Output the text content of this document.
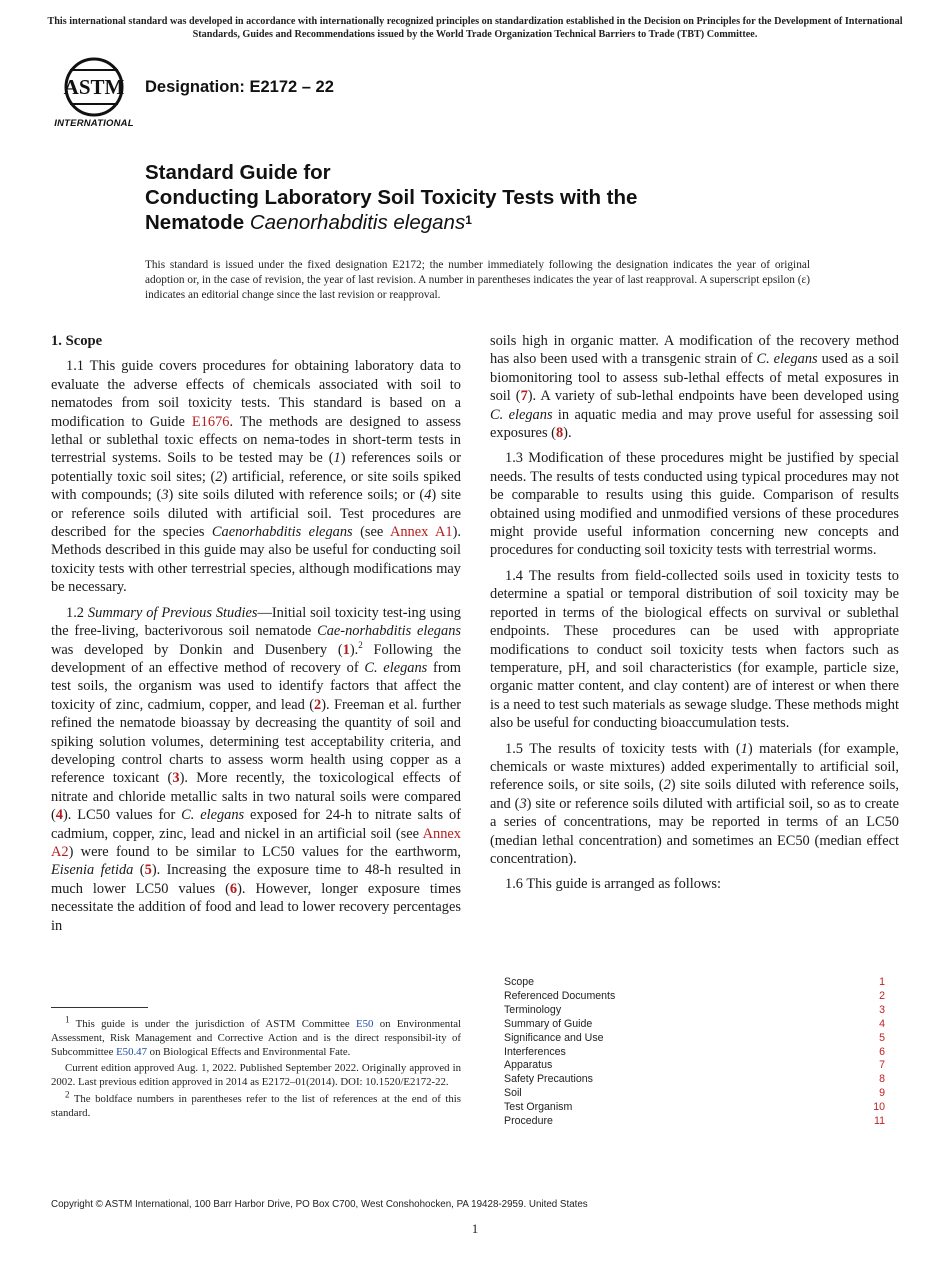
This international standard was developed in accordance with internationally recognized principles on standardization established in the Decision on Principles for the Development of International Standards, Guides and Recommendations issued by the World Trade Organization Technical Barriers to Trade (TBT) Committee.
ASTM
INTERNATIONAL
Designation: E2172 – 22
Standard Guide for
Conducting Laboratory Soil Toxicity Tests with the
Nematode Caenorhabditis elegans$^1$
This standard is issued under the fixed designation E2172; the number immediately following the designation indicates the year of original adoption or, in the case of revision, the year of last revision. A number in parentheses indicates the year of last reapproval. A superscript epsilon (ε) indicates an editorial change since the last revision or reapproval.

1. Scope

1.1 This guide covers procedures for obtaining laboratory data to evaluate the adverse effects of chemicals associated with soil to nematodes from soil toxicity tests. This standard is based on a modification to Guide E1676. The methods are designed to assess lethal or sublethal toxic effects on nema-todes in short-term tests in terrestrial systems. Soils to be tested may be (1) references soils or potentially toxic soil sites; (2) artificial, reference, or site soils spiked with compounds; (3) site soils diluted with reference soils; or (4) site or reference soils diluted with artificial soil. Test procedures are described for the species Caenorhabditis elegans (see Annex A1). Methods described in this guide may also be useful for conducting soil toxicity tests with other terrestrial species, although modifications may be necessary.

1.2 Summary of Previous Studies—Initial soil toxicity test-ing using the free-living, bacterivorous soil nematode Cae-norhabditis elegans was developed by Donkin and Dusenbery (1).$^2$ Following the development of an effective method of recovery of C. elegans from test soils, the organism was used to identify factors that affect the toxicity of zinc, cadmium, copper, and lead (2). Freeman et al. further refined the nematode bioassay by decreasing the quantity of soil and spiking solution volumes, determining test acceptability criteria, and developing control charts to assess worm health using copper as a reference toxicant (3). More recently, the toxicological effects of nitrate and chloride metallic salts in two natural soils were compared (4). LC50 values for C. elegans exposed for 24-h to nitrate salts of cadmium, copper, zinc, lead and nickel in an artificial soil (see Annex A2) were found to be similar to LC50 values for the earthworm, Eisenia fetida (5). Increasing the exposure time to 48-h resulted in much lower LC50 values (6). However, longer exposure times necessitate the addition of food and lead to lower recovery percentages in

$^1$ This guide is under the jurisdiction of ASTM Committee E50 on Environmental Assessment, Risk Management and Corrective Action and is the direct responsibil-ity of Subcommittee E50.47 on Biological Effects and Environmental Fate.

Current edition approved Aug. 1, 2022. Published September 2022. Originally approved in 2002. Last previous edition approved in 2014 as E2172–01(2014). DOI: 10.1520/E2172-22.

$^2$ The boldface numbers in parentheses refer to the list of references at the end of this standard.

soils high in organic matter. A modification of the recovery method has also been used with a transgenic strain of C. elegans used as a soil biomonitoring tool to assess sub-lethal effects of metal exposures in soil (7). A variety of sub-lethal endpoints have been developed using C. elegans in aquatic media and may prove useful for assessing soil exposures (8).

1.3 Modification of these procedures might be justified by special needs. The results of tests conducted using typical procedures may not be comparable to results using this guide. Comparison of results obtained using modified and unmodified versions of these procedures might provide useful information concerning new concepts and procedures for conducting soil toxicity tests with terrestrial worms.

1.4 The results from field-collected soils used in toxicity tests to determine a spatial or temporal distribution of soil toxicity may be reported in terms of the biological effects on survival or sublethal endpoints. These procedures can be used with appropriate modifications to conduct soil toxicity tests when factors such as temperature, pH, and soil characteristics (for example, particle size, organic matter content, and clay content) are of interest or when there is a need to test such materials as sewage sludge. These methods might also be useful for conducting bioaccumulation tests.

1.5 The results of toxicity tests with (1) materials (for example, chemicals or waste mixtures) added experimentally to artificial soil, reference soils, or site soils, (2) site soils diluted with reference soils, and (3) site or reference soils diluted with artificial soil, so as to create a series of concentrations, may be reported in terms of an LC50 (median lethal concentration) and sometimes an EC50 (median effect concentration).

1.6 This guide is arranged as follows:

Scope	1
Referenced Documents	2
Terminology	3
Summary of Guide	4
Significance and Use	5
Interferences	6
Apparatus	7
Safety Precautions	8
Soil	9
Test Organism	10
Procedure	11
Copyright © ASTM International, 100 Barr Harbor Drive, PO Box C700, West Conshohocken, PA 19428-2959. United States
1
